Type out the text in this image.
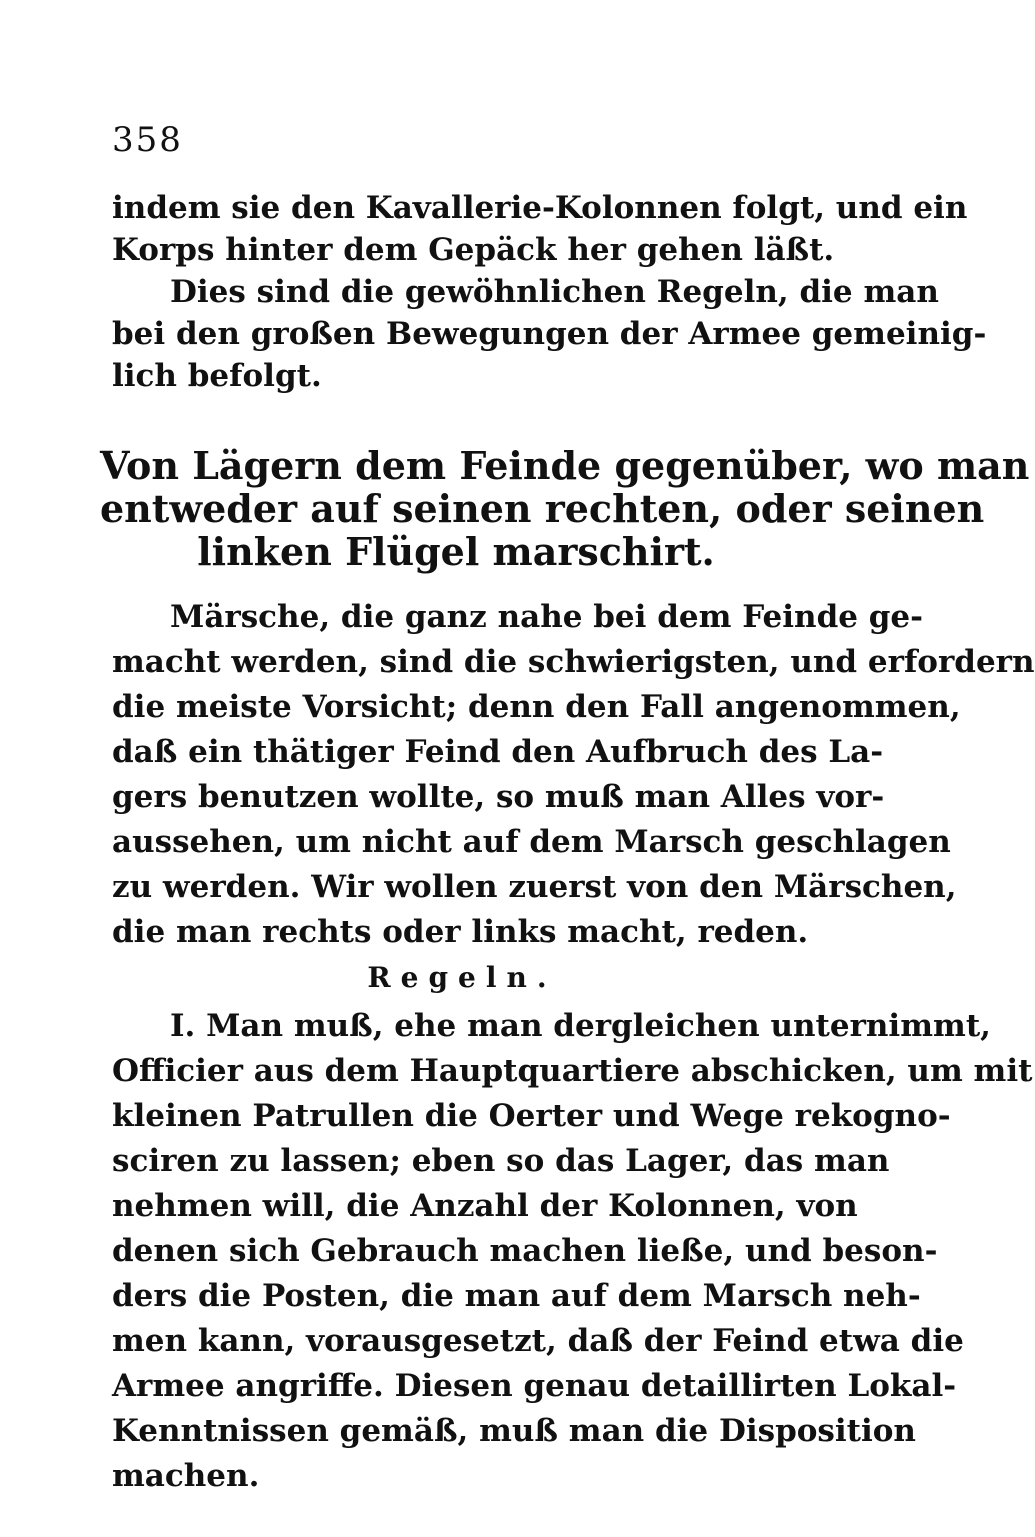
358
indem sie den Kavallerie-Kolonnen folgt, und ein
Korps hinter dem Gepäck her gehen läßt.
Dies sind die gewöhnlichen Regeln, die man
bei den großen Bewegungen der Armee gemeinig-
lich befolgt.
Von Lägern dem Feinde gegenüber, wo man
entweder auf seinen rechten, oder seinen
linken Flügel marschirt.
Märsche, die ganz nahe bei dem Feinde ge-
macht werden, sind die schwierigsten, und erfordern
die meiste Vorsicht; denn den Fall angenommen,
daß ein thätiger Feind den Aufbruch des La-
gers benutzen wollte, so muß man Alles vor-
aussehen, um nicht auf dem Marsch geschlagen
zu werden. Wir wollen zuerst von den Märschen,
die man rechts oder links macht, reden.
Regeln.
I. Man muß, ehe man dergleichen unternimmt,
Officier aus dem Hauptquartiere abschicken, um mit
kleinen Patrullen die Oerter und Wege rekogno-
sciren zu lassen; eben so das Lager, das man
nehmen will, die Anzahl der Kolonnen, von
denen sich Gebrauch machen ließe, und beson-
ders die Posten, die man auf dem Marsch neh-
men kann, vorausgesetzt, daß der Feind etwa die
Armee angriffe. Diesen genau detaillirten Lokal-
Kenntnissen gemäß, muß man die Disposition
machen.
